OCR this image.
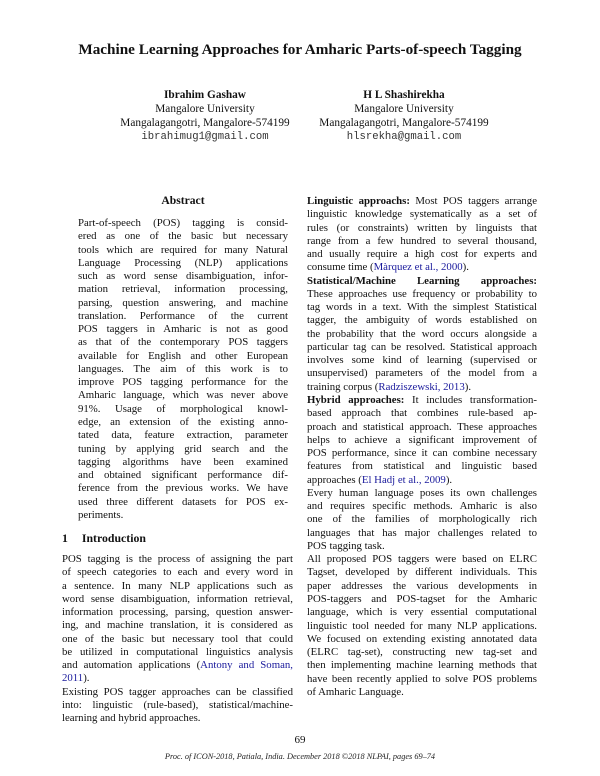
Machine Learning Approaches for Amharic Parts-of-speech Tagging
Ibrahim Gashaw
Mangalore University
Mangalagangotri, Mangalore-574199
ibrahimug1@gmail.com
H L Shashirekha
Mangalore University
Mangalagangotri, Mangalore-574199
hlsrekha@gmail.com
Abstract
Part-of-speech (POS) tagging is consid-
ered as one of the basic but necessary
tools which are required for many Natural
Language Processing (NLP) applications
such as word sense disambiguation, infor-
mation retrieval, information processing,
parsing, question answering, and machine
translation. Performance of the current
POS taggers in Amharic is not as good
as that of the contemporary POS taggers
available for English and other European
languages. The aim of this work is to
improve POS tagging performance for the
Amharic language, which was never above
91%. Usage of morphological knowl-
edge, an extension of the existing anno-
tated data, feature extraction, parameter
tuning by applying grid search and the
tagging algorithms have been examined
and obtained significant performance dif-
ference from the previous works. We have
used three different datasets for POS ex-
periments.
1 Introduction
POS tagging is the process of assigning the part
of speech categories to each and every word in
a sentence. In many NLP applications such as
word sense disambiguation, information retrieval,
information processing, parsing, question answer-
ing, and machine translation, it is considered as
one of the basic but necessary tool that could
be utilized in computational linguistics analysis
and automation applications (Antony and Soman,
2011).
Existing POS tagger approaches can be classified
into: linguistic (rule-based), statistical/machine-
learning and hybrid approaches.
Linguistic approachs: Most POS taggers arrange
linguistic knowledge systematically as a set of
rules (or constraints) written by linguists that
range from a few hundred to several thousand,
and usually require a high cost for experts and
consume time (Màrquez et al., 2000).
Statistical/Machine Learning approaches:
These approaches use frequency or probability to
tag words in a text. With the simplest Statistical
tagger, the ambiguity of words established on
the probability that the word occurs alongside a
particular tag can be resolved. Statistical approach
involves some kind of learning (supervised or
unsupervised) parameters of the model from a
training corpus (Radziszewski, 2013).
Hybrid approaches: It includes transformation-
based approach that combines rule-based ap-
proach and statistical approach. These approaches
helps to achieve a significant improvement of
POS performance, since it can combine necessary
features from statistical and linguistic based
approaches (El Hadj et al., 2009).
Every human language poses its own challenges
and requires specific methods. Amharic is also
one of the families of morphologically rich
languages that has major challenges related to
POS tagging task.
All proposed POS taggers were based on ELRC
Tagset, developed by different individuals. This
paper addresses the various developments in
POS-taggers and POS-tagset for the Amharic
language, which is very essential computational
linguistic tool needed for many NLP applications.
We focused on extending existing annotated data
(ELRC tag-set), constructing new tag-set and
then implementing machine learning methods that
have been recently applied to solve POS problems
of Amharic Language.
69
Proc. of ICON-2018, Patiala, India. December 2018 ©2018 NLPAI, pages 69–74
